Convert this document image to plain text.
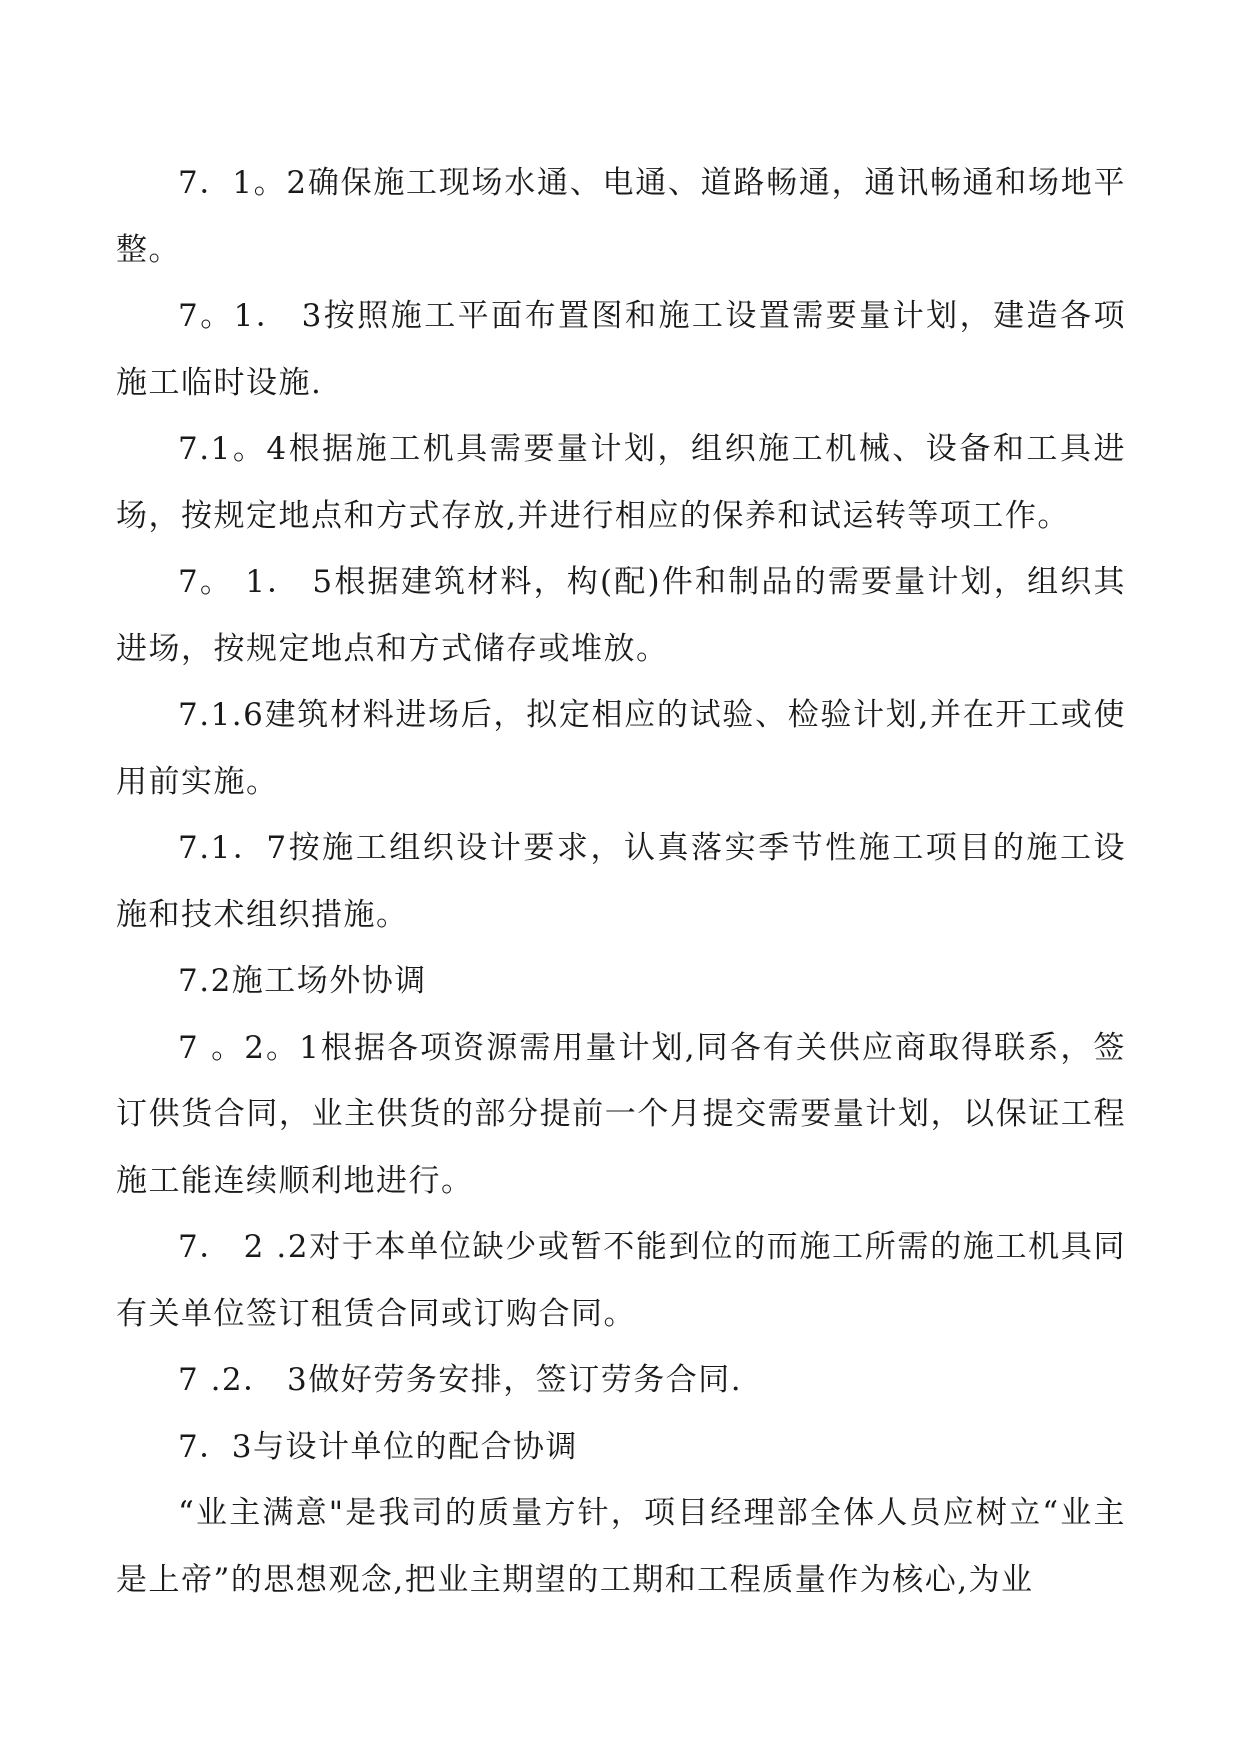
7．1。2确保施工现场水通、电通、道路畅通，通讯畅通和场地平整。

7。1． 3按照施工平面布置图和施工设置需要量计划，建造各项施工临时设施.

7.1。4根据施工机具需要量计划，组织施工机械、设备和工具进场，按规定地点和方式存放,并进行相应的保养和试运转等项工作。

7。 1． 5根据建筑材料，构(配)件和制品的需要量计划，组织其进场，按规定地点和方式储存或堆放。

7.1.6建筑材料进场后，拟定相应的试验、检验计划,并在开工或使用前实施。

7.1．7按施工组织设计要求，认真落实季节性施工项目的施工设施和技术组织措施。

7.2施工场外协调

7 。2。1根据各项资源需用量计划,同各有关供应商取得联系，签订供货合同，业主供货的部分提前一个月提交需要量计划，以保证工程施工能连续顺利地进行。

7． 2 .2对于本单位缺少或暂不能到位的而施工所需的施工机具同有关单位签订租赁合同或订购合同。

7 .2． 3做好劳务安排，签订劳务合同.

7．3与设计单位的配合协调

“业主满意"是我司的质量方针，项目经理部全体人员应树立“业主是上帝”的思想观念,把业主期望的工期和工程质量作为核心,为业
